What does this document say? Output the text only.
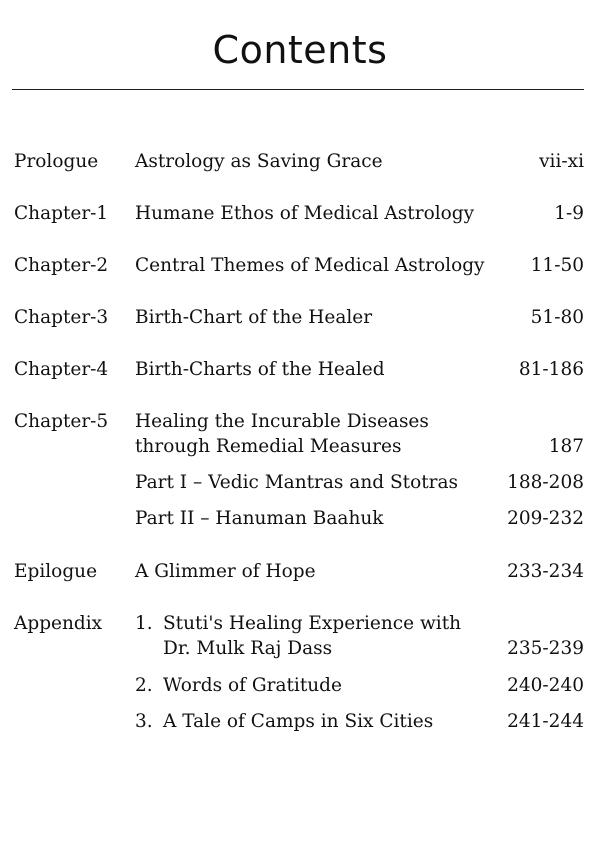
Contents
Prologue Astrology as Saving Grace	vii-xi
Chapter-1 Humane Ethos of Medical Astrology	1-9
Chapter-2 Central Themes of Medical Astrology 11-50
Chapter-3 Birth-Chart of the Healer	51-80
Chapter-4 Birth-Charts of the Healed	81-186
Chapter-5 Healing the Incurable Diseases
through Remedial Measures	187
Part I – Vedic Mantras and Stotras	188-208
Part II – Hanuman Baahuk	209-232
Epilogue A Glimmer of Hope	233-234
Appendix 1. Stuti's Healing Experience with
Dr. Mulk Raj Dass	235-239
2. Words of Gratitude	240-240
3. A Tale of Camps in Six Cities	241-244
